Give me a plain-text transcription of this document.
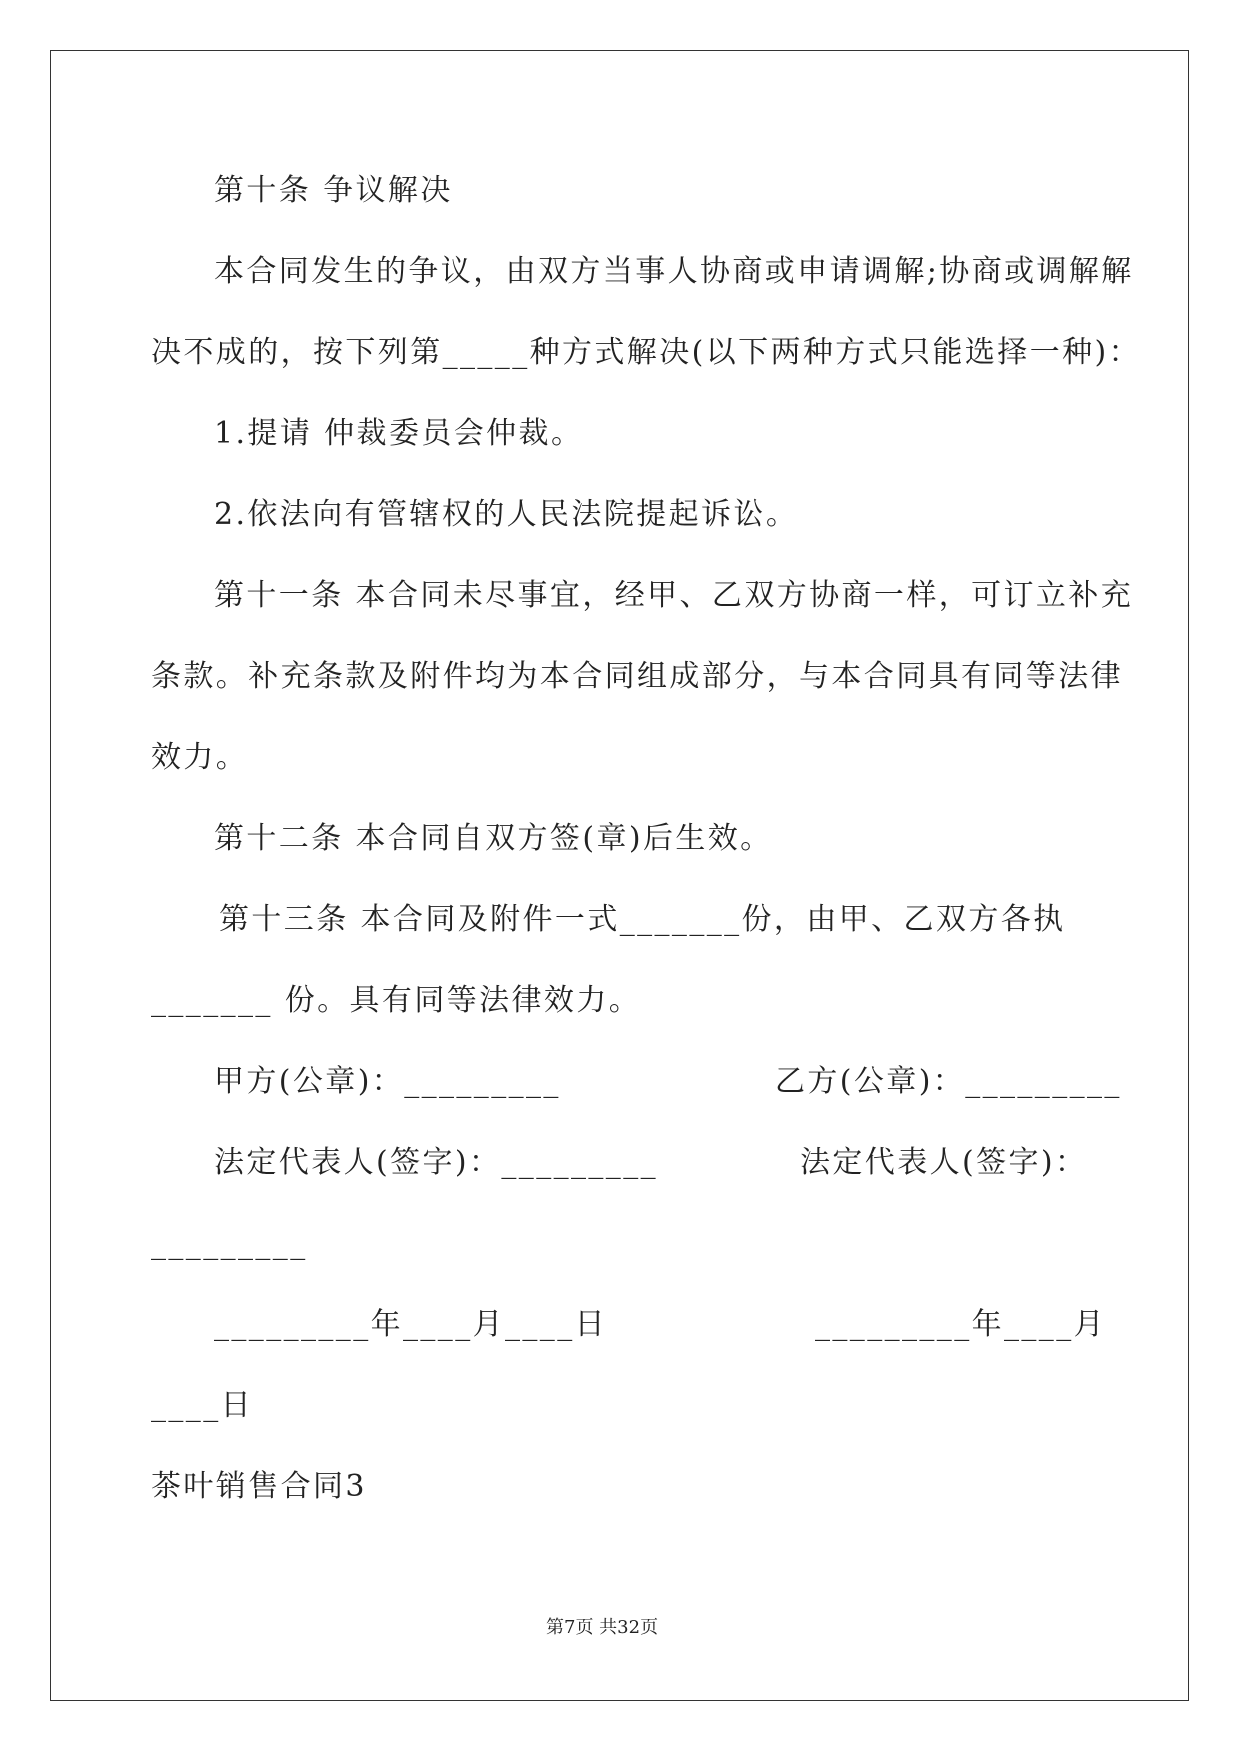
第十条 争议解决
本合同发生的争议，由双方当事人协商或申请调解;协商或调解解
决不成的，按下列第_____种方式解决(以下两种方式只能选择一种)：
1.提请 仲裁委员会仲裁。
2.依法向有管辖权的人民法院提起诉讼。
第十一条 本合同未尽事宜，经甲、乙双方协商一样，可订立补充
条款。补充条款及附件均为本合同组成部分，与本合同具有同等法律
效力。
第十二条 本合同自双方签(章)后生效。
第十三条 本合同及附件一式_______份，由甲、乙双方各执
_______ 份。具有同等法律效力。
甲方(公章)：_________	乙方(公章)：_________
法定代表人(签字)：_________	法定代表人(签字)：
_________
_________年____月____日	_________年____月
____日
茶叶销售合同3
第7页 共32页
